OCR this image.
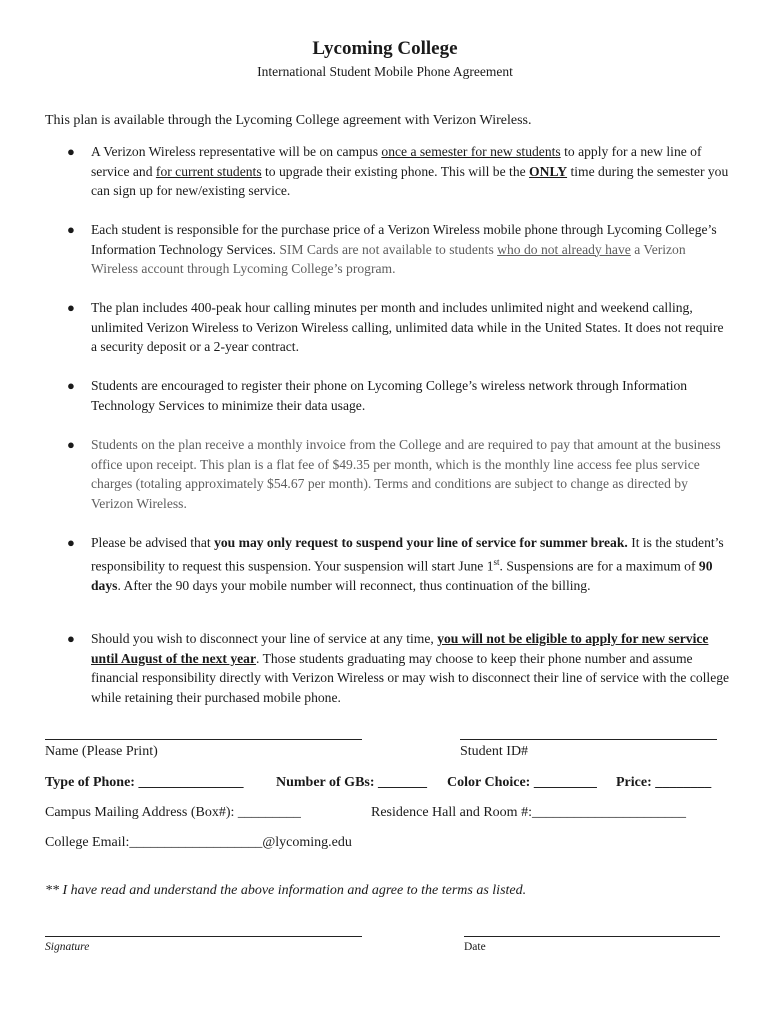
Lycoming College
International Student Mobile Phone Agreement
This plan is available through the Lycoming College agreement with Verizon Wireless.
● A Verizon Wireless representative will be on campus once a semester for new students to apply for a new line of service and for current students to upgrade their existing phone. This will be the ONLY time during the semester you can sign up for new/existing service.
● Each student is responsible for the purchase price of a Verizon Wireless mobile phone through Lycoming College’s Information Technology Services. SIM Cards are not available to students who do not already have a Verizon Wireless account through Lycoming College’s program.
● The plan includes 400-peak hour calling minutes per month and includes unlimited night and weekend calling, unlimited Verizon Wireless to Verizon Wireless calling, unlimited data while in the United States. It does not require a security deposit or a 2-year contract.
● Students are encouraged to register their phone on Lycoming College’s wireless network through Information Technology Services to minimize their data usage.
● Students on the plan receive a monthly invoice from the College and are required to pay that amount at the business office upon receipt. This plan is a flat fee of $49.35 per month, which is the monthly line access fee plus service charges (totaling approximately $54.67 per month). Terms and conditions are subject to change as directed by Verizon Wireless.
● Please be advised that you may only request to suspend your line of service for summer break. It is the student’s responsibility to request this suspension. Your suspension will start June 1st. Suspensions are for a maximum of 90 days. After the 90 days your mobile number will reconnect, thus continuation of the billing.
● Should you wish to disconnect your line of service at any time, you will not be eligible to apply for new service until August of the next year. Those students graduating may choose to keep their phone number and assume financial responsibility directly with Verizon Wireless or may wish to disconnect their line of service with the college while retaining their purchased mobile phone.
Name (Please Print)	Student ID#
Type of Phone: _______________ Number of GBs: _______ Color Choice: _________ Price: ________
Campus Mailing Address (Box#): _________	Residence Hall and Room #:______________________
College Email:___________________@lycoming.edu
** I have read and understand the above information and agree to the terms as listed.
Signature	Date
